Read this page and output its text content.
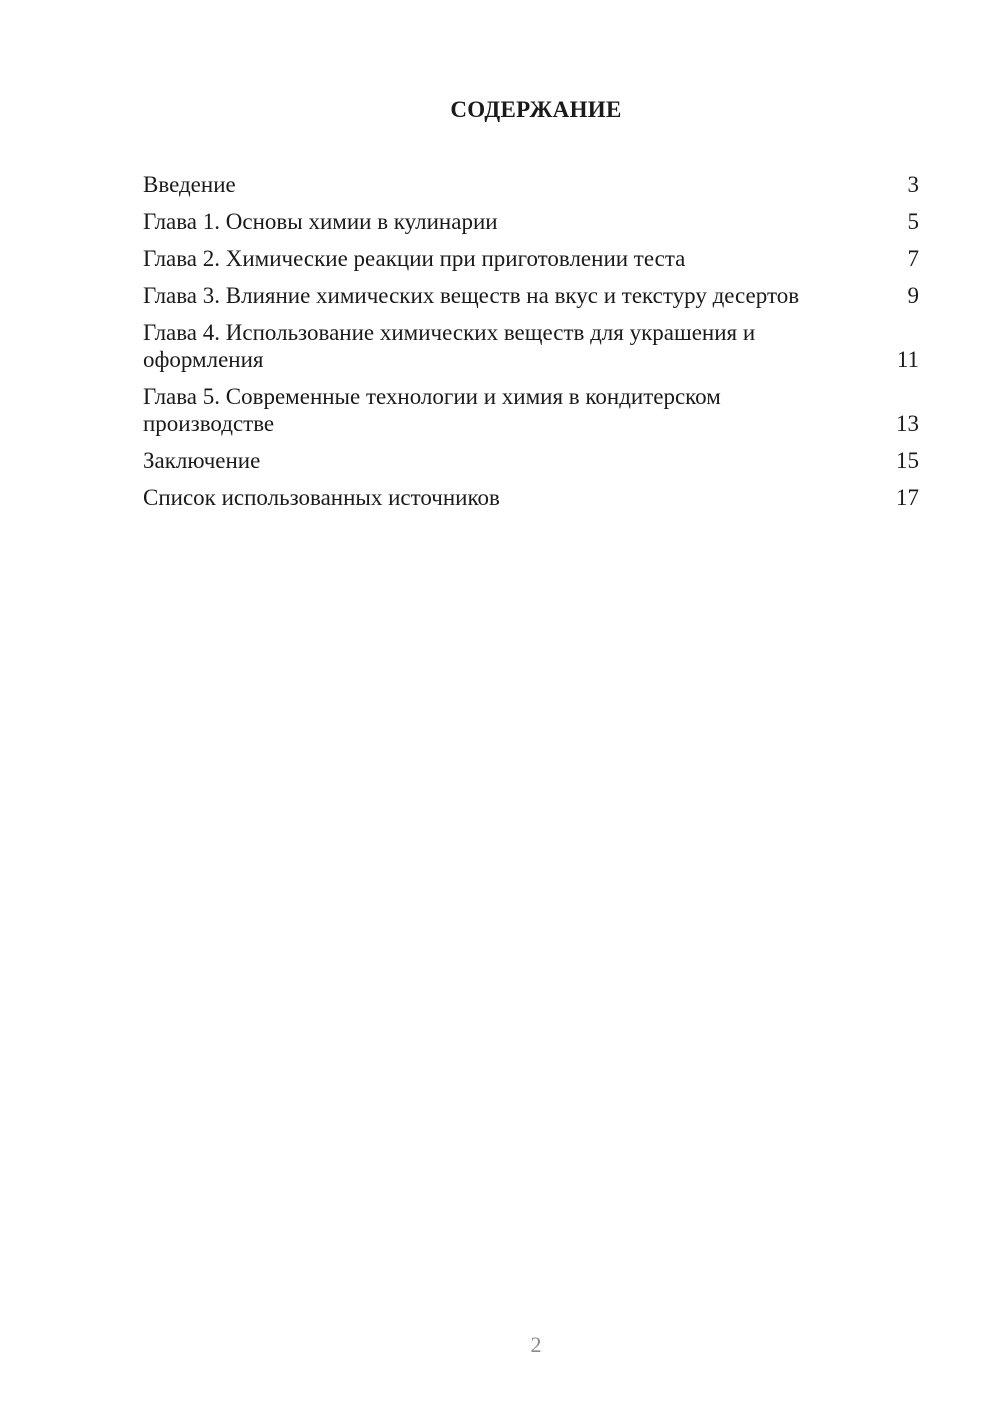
СОДЕРЖАНИЕ
Введение	3
Глава 1. Основы химии в кулинарии	5
Глава 2. Химические реакции при приготовлении теста	7
Глава 3. Влияние химических веществ на вкус и текстуру десертов	9
Глава 4. Использование химических веществ для украшения и оформления	11
Глава 5. Современные технологии и химия в кондитерском производстве	13
Заключение	15
Список использованных источников	17
2
